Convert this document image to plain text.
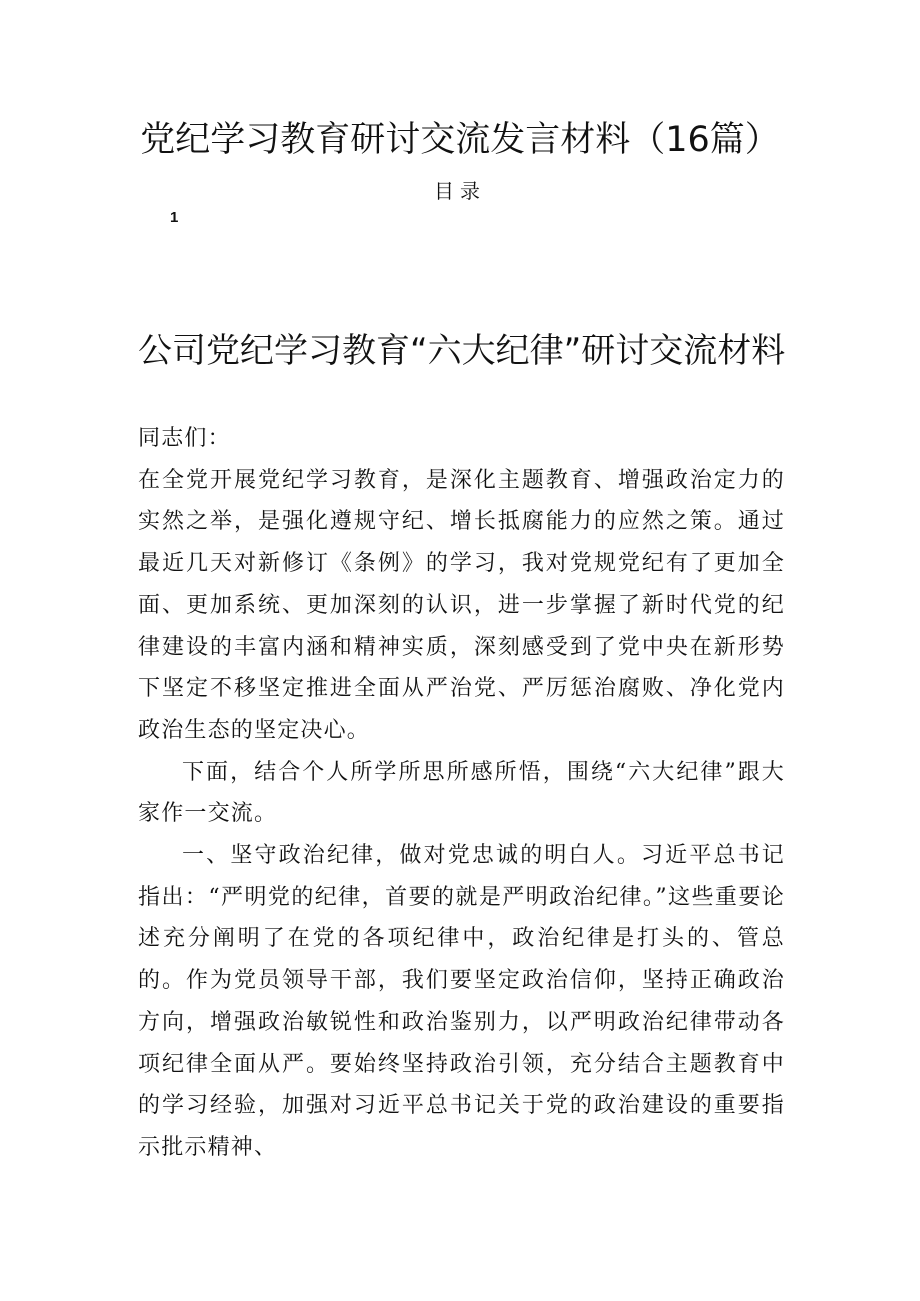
党纪学习教育研讨交流发言材料（16篇）
目录
1
公司党纪学习教育“六大纪律”研讨交流材料

同志们：

在全党开展党纪学习教育，是深化主题教育、增强政治定力的实然之举，是强化遵规守纪、增长抵腐能力的应然之策。通过最近几天对新修订《条例》的学习，我对党规党纪有了更加全面、更加系统、更加深刻的认识，进一步掌握了新时代党的纪律建设的丰富内涵和精神实质，深刻感受到了党中央在新形势下坚定不移坚定推进全面从严治党、严厉惩治腐败、净化党内政治生态的坚定决心。

下面，结合个人所学所思所感所悟，围绕“六大纪律”跟大家作一交流。

一、坚守政治纪律，做对党忠诚的明白人。习近平总书记指出：“严明党的纪律，首要的就是严明政治纪律。”这些重要论述充分阐明了在党的各项纪律中，政治纪律是打头的、管总的。作为党员领导干部，我们要坚定政治信仰，坚持正确政治方向，增强政治敏锐性和政治鉴别力，以严明政治纪律带动各项纪律全面从严。要始终坚持政治引领，充分结合主题教育中的学习经验，加强对习近平总书记关于党的政治建设的重要指示批示精神、
